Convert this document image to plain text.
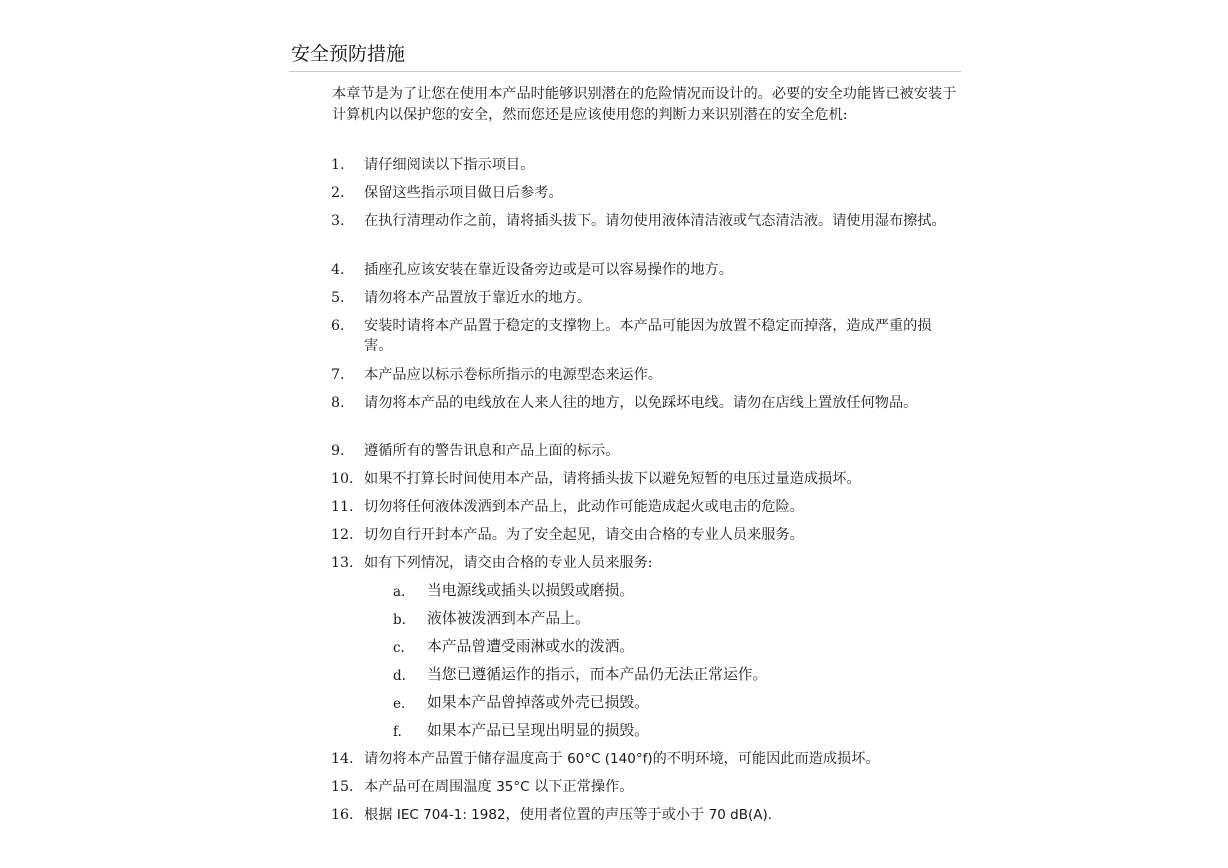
安全预防措施

本章节是为了让您在使用本产品时能够识别潜在的危险情况而设计的。必要的安全功能皆已被安装于计算机内以保护您的安全，然而您还是应该使用您的判断力来识别潜在的安全危机:

1. 请仔细阅读以下指示项目。
2. 保留这些指示项目做日后参考。
3. 在执行清理动作之前，请将插头拔下。请勿使用液体清洁液或气态清洁液。请使用湿布擦拭。
4. 插座孔应该安装在靠近设备旁边或是可以容易操作的地方。
5. 请勿将本产品置放于靠近水的地方。
6. 安装时请将本产品置于稳定的支撑物上。本产品可能因为放置不稳定而掉落，造成严重的损害。
7. 本产品应以标示卷标所指示的电源型态来运作。
8. 请勿将本产品的电线放在人来人往的地方，以免踩坏电线。请勿在店线上置放任何物品。
9. 遵循所有的警告讯息和产品上面的标示。
10. 如果不打算长时间使用本产品，请将插头拔下以避免短暂的电压过量造成损坏。
11. 切勿将任何液体泼洒到本产品上，此动作可能造成起火或电击的危险。
12. 切勿自行开封本产品。为了安全起见，请交由合格的专业人员来服务。
13. 如有下列情况，请交由合格的专业人员来服务:
a. 当电源线或插头以损毁或磨损。
b. 液体被泼洒到本产品上。
c. 本产品曾遭受雨淋或水的泼洒。
d. 当您已遵循运作的指示，而本产品仍无法正常运作。
e. 如果本产品曾掉落或外壳已损毁。
f. 如果本产品已呈现出明显的损毁。
14. 请勿将本产品置于储存温度高于 60°C (140°f)的不明环境，可能因此而造成损坏。
15. 本产品可在周围温度 35°C 以下正常操作。
16. 根据 IEC 704-1: 1982，使用者位置的声压等于或小于 70 dB(A).
